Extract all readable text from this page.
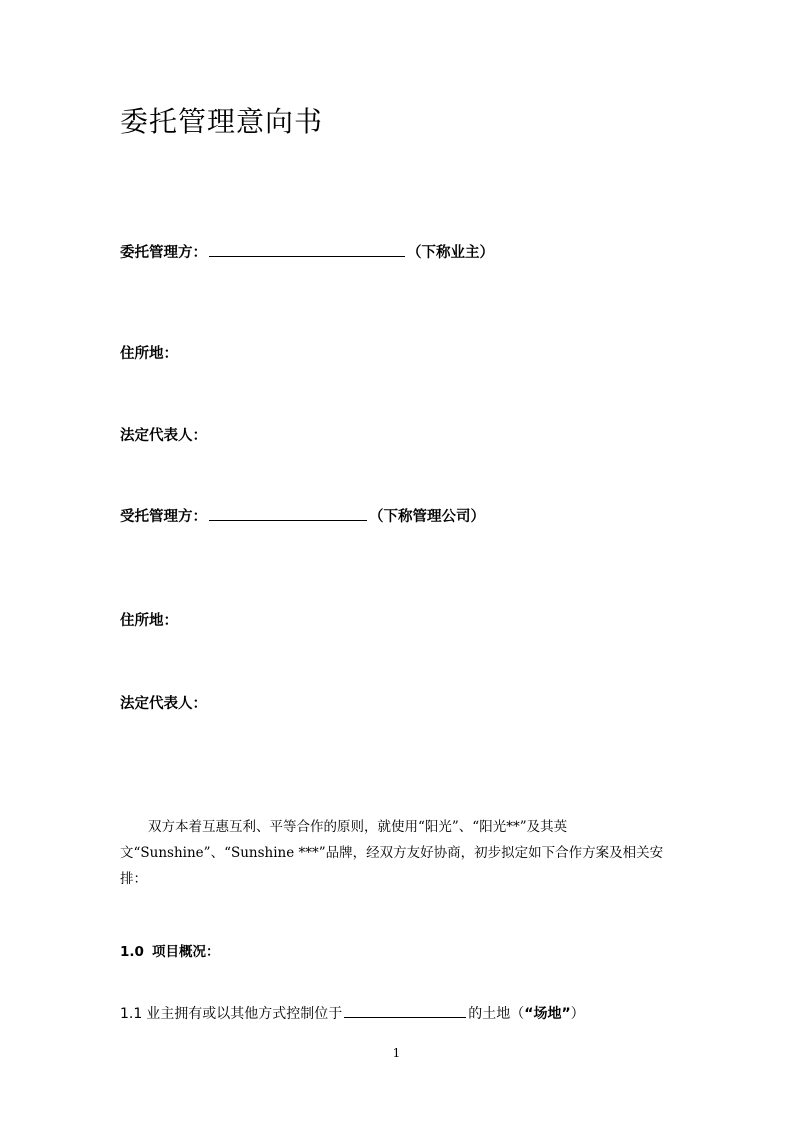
委托管理意向书
委托管理方：	（下称业主）
住所地：
法定代表人：
受托管理方：	（下称管理公司）
住所地：
法定代表人：
双方本着互惠互利、平等合作的原则，就使用“阳光”、“阳光**”及其英文“Sunshine”、“Sunshine ***”品牌，经双方友好协商，初步拟定如下合作方案及相关安排：
1.0 项目概况：
1.1 业主拥有或以其他方式控制位于	的土地（“场地”）
1
